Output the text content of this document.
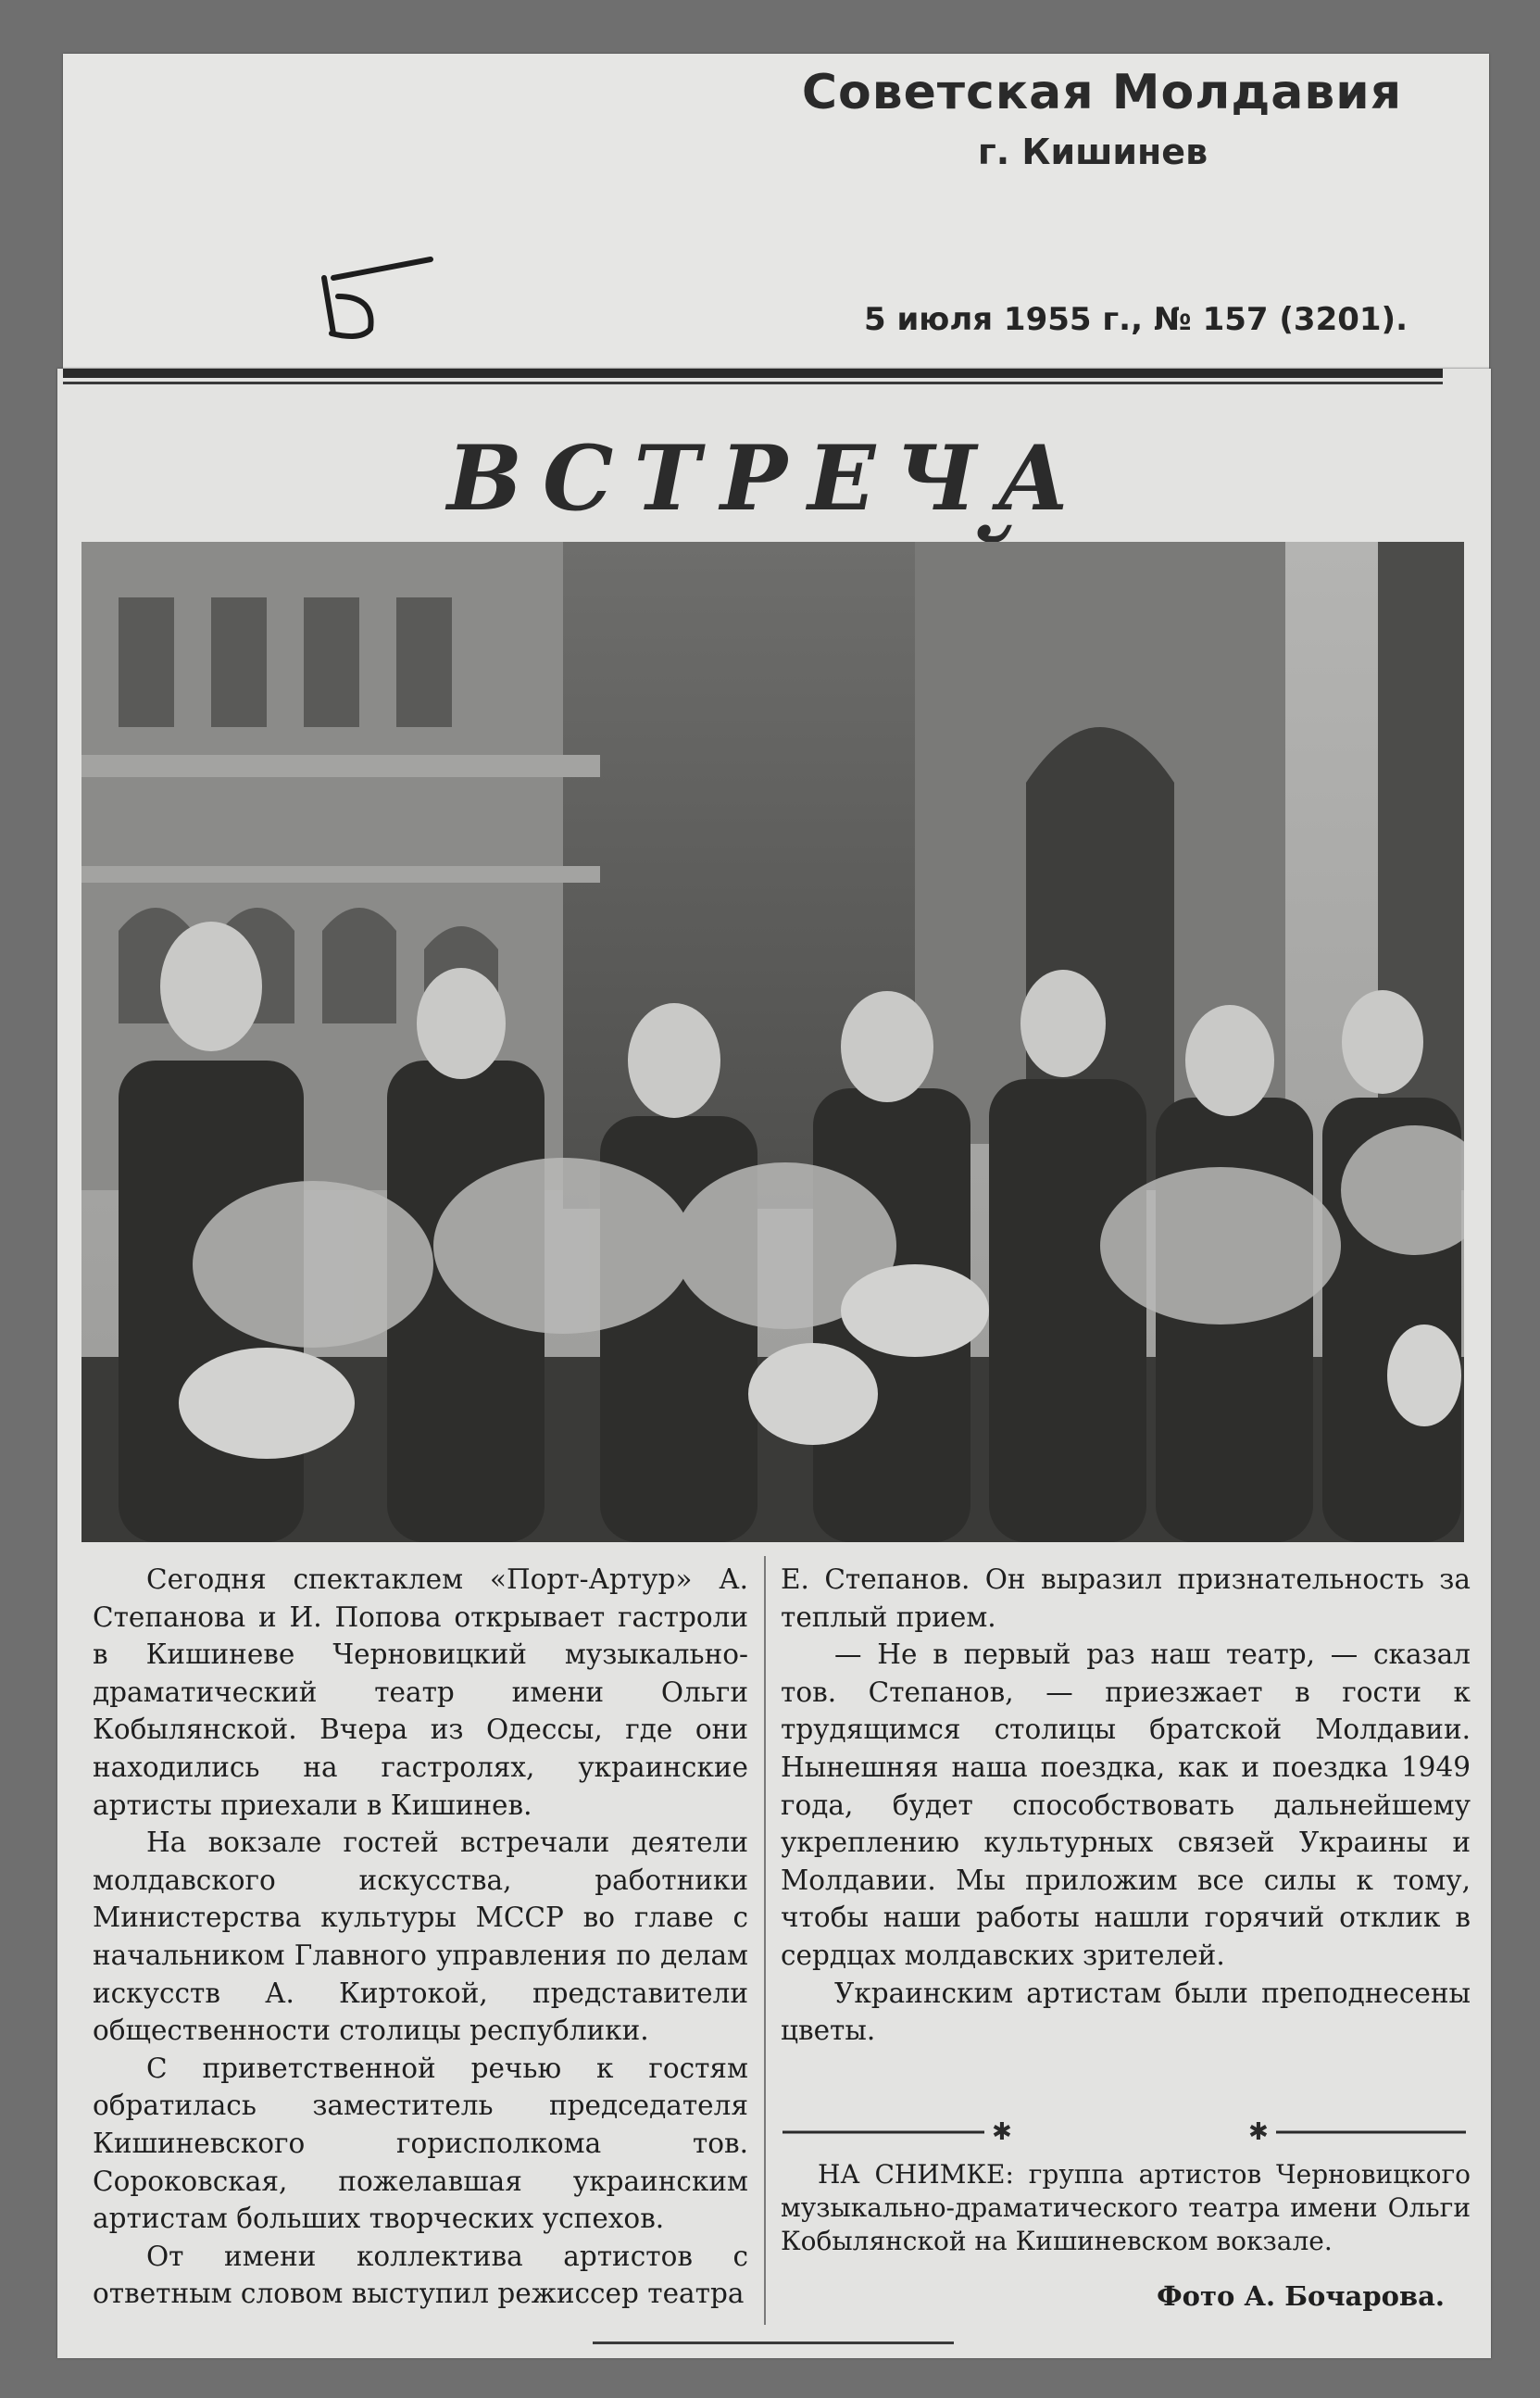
Советская Молдавия
г. Кишинев
5 июля 1955 г., № 157 (3201).
ВСТРЕЧА

Сегодня спектаклем «Порт-Артур» А. Степанова и И. Попова открывает гастроли в Кишиневе Черновицкий музыкально-драматический театр имени Ольги Кобылянской. Вчера из Одессы, где они находились на гастролях, украинские артисты приехали в Кишинев.

На вокзале гостей встречали деятели молдавского искусства, работники Министерства культуры МССР во главе с начальником Главного управления по делам искусств А. Киртокой, представители общественности столицы республики.

С приветственной речью к гостям обратилась заместитель председателя Кишиневского горисполкома тов. Сороковская, пожелавшая украинским артистам больших творческих успехов.

От имени коллектива артистов с ответным словом выступил режиссер театра

Е. Степанов. Он выразил признательность за теплый прием.

— Не в первый раз наш театр, — сказал тов. Степанов, — приезжает в гости к трудящимся столицы братской Молдавии. Нынешняя наша поездка, как и поездка 1949 года, будет способствовать дальнейшему укреплению культурных связей Украины и Молдавии. Мы приложим все силы к тому, чтобы наши работы нашли горячий отклик в сердцах молдавских зрителей.

Украинским артистам были преподнесены цветы.

✱	✱
НА СНИМКЕ: группа артистов Черновицкого музыкально-драматического театра имени Ольги Кобылянской на Кишиневском вокзале.
Фото А. Бочарова.
